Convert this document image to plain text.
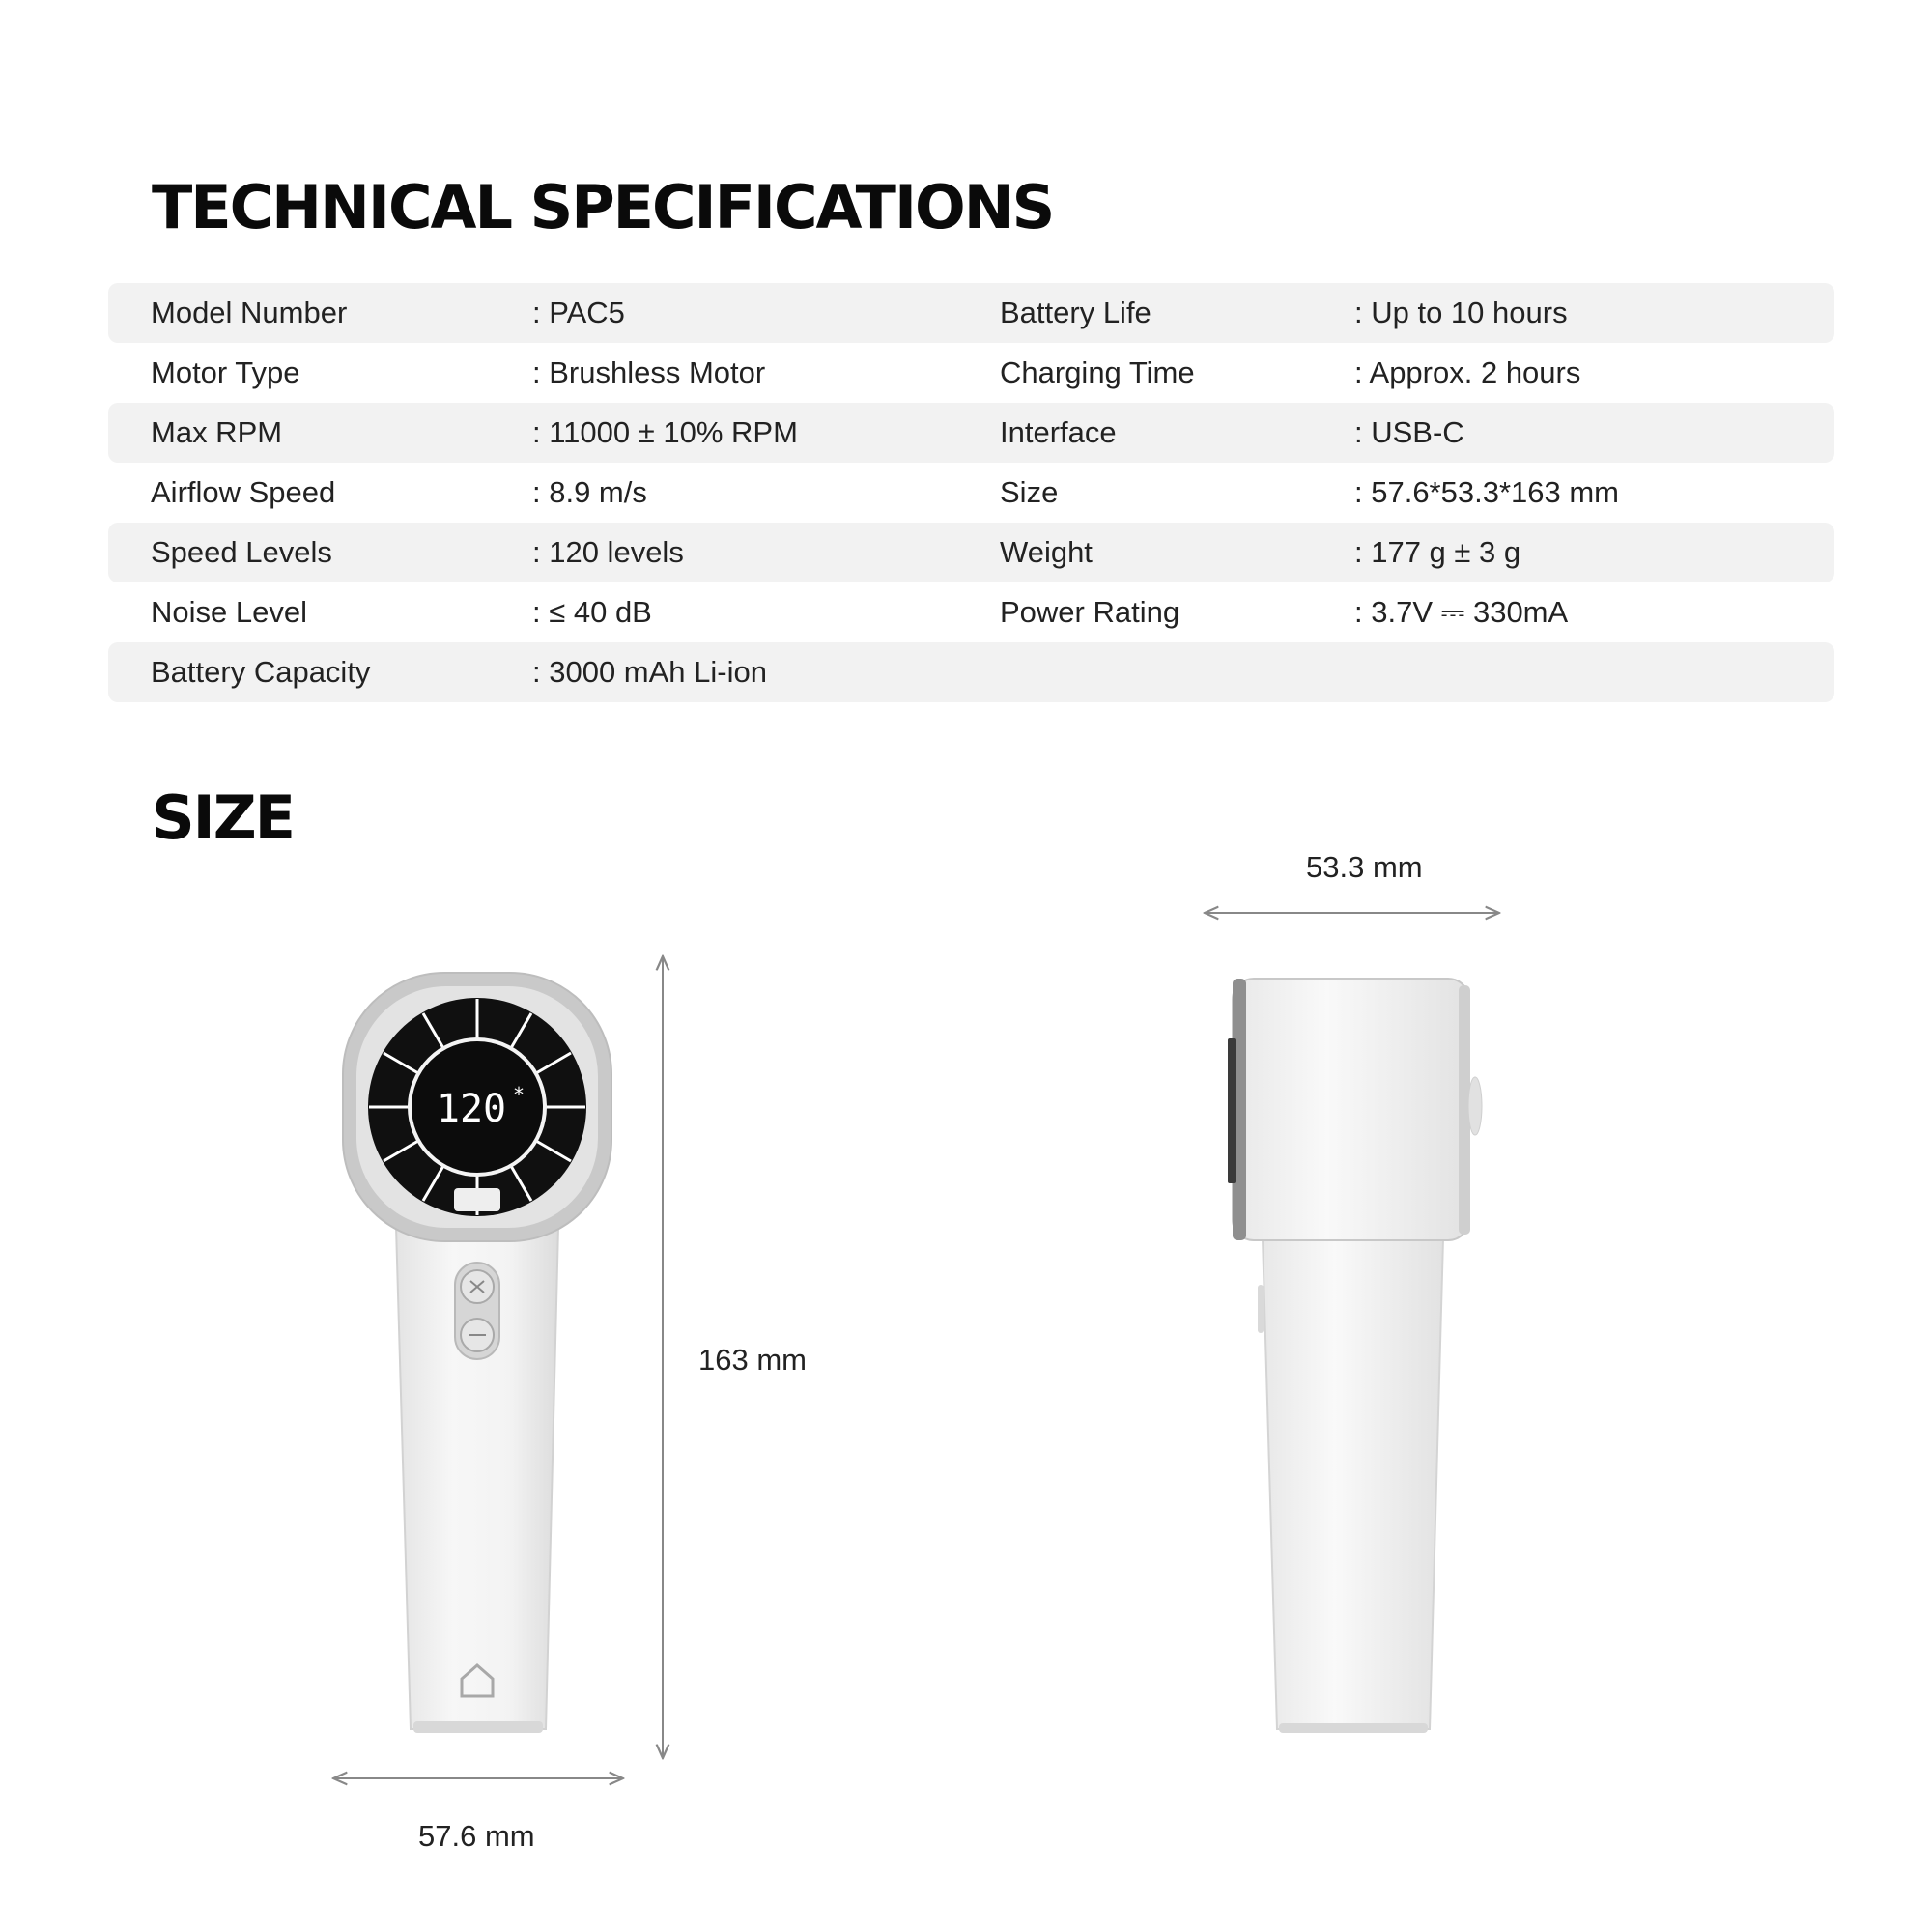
TECHNICAL SPECIFICATIONS
Model Number	: PAC5	Battery Life	: Up to 10 hours
Motor Type	: Brushless Motor	Charging Time	: Approx. 2 hours
Max RPM	: 11000 ± 10% RPM	Interface	: USB-C
Airflow Speed	: 8.9 m/s	Size	: 57.6*53.3*163 mm
Speed Levels	: 120 levels	Weight	: 177 g ± 3 g
Noise Level	: ≤ 40 dB	Power Rating	: 3.7V ⎓ 330mA
Battery Capacity	: 3000 mAh Li-ion
SIZE
120 *
57.6 mm
163 mm
53.3 mm
